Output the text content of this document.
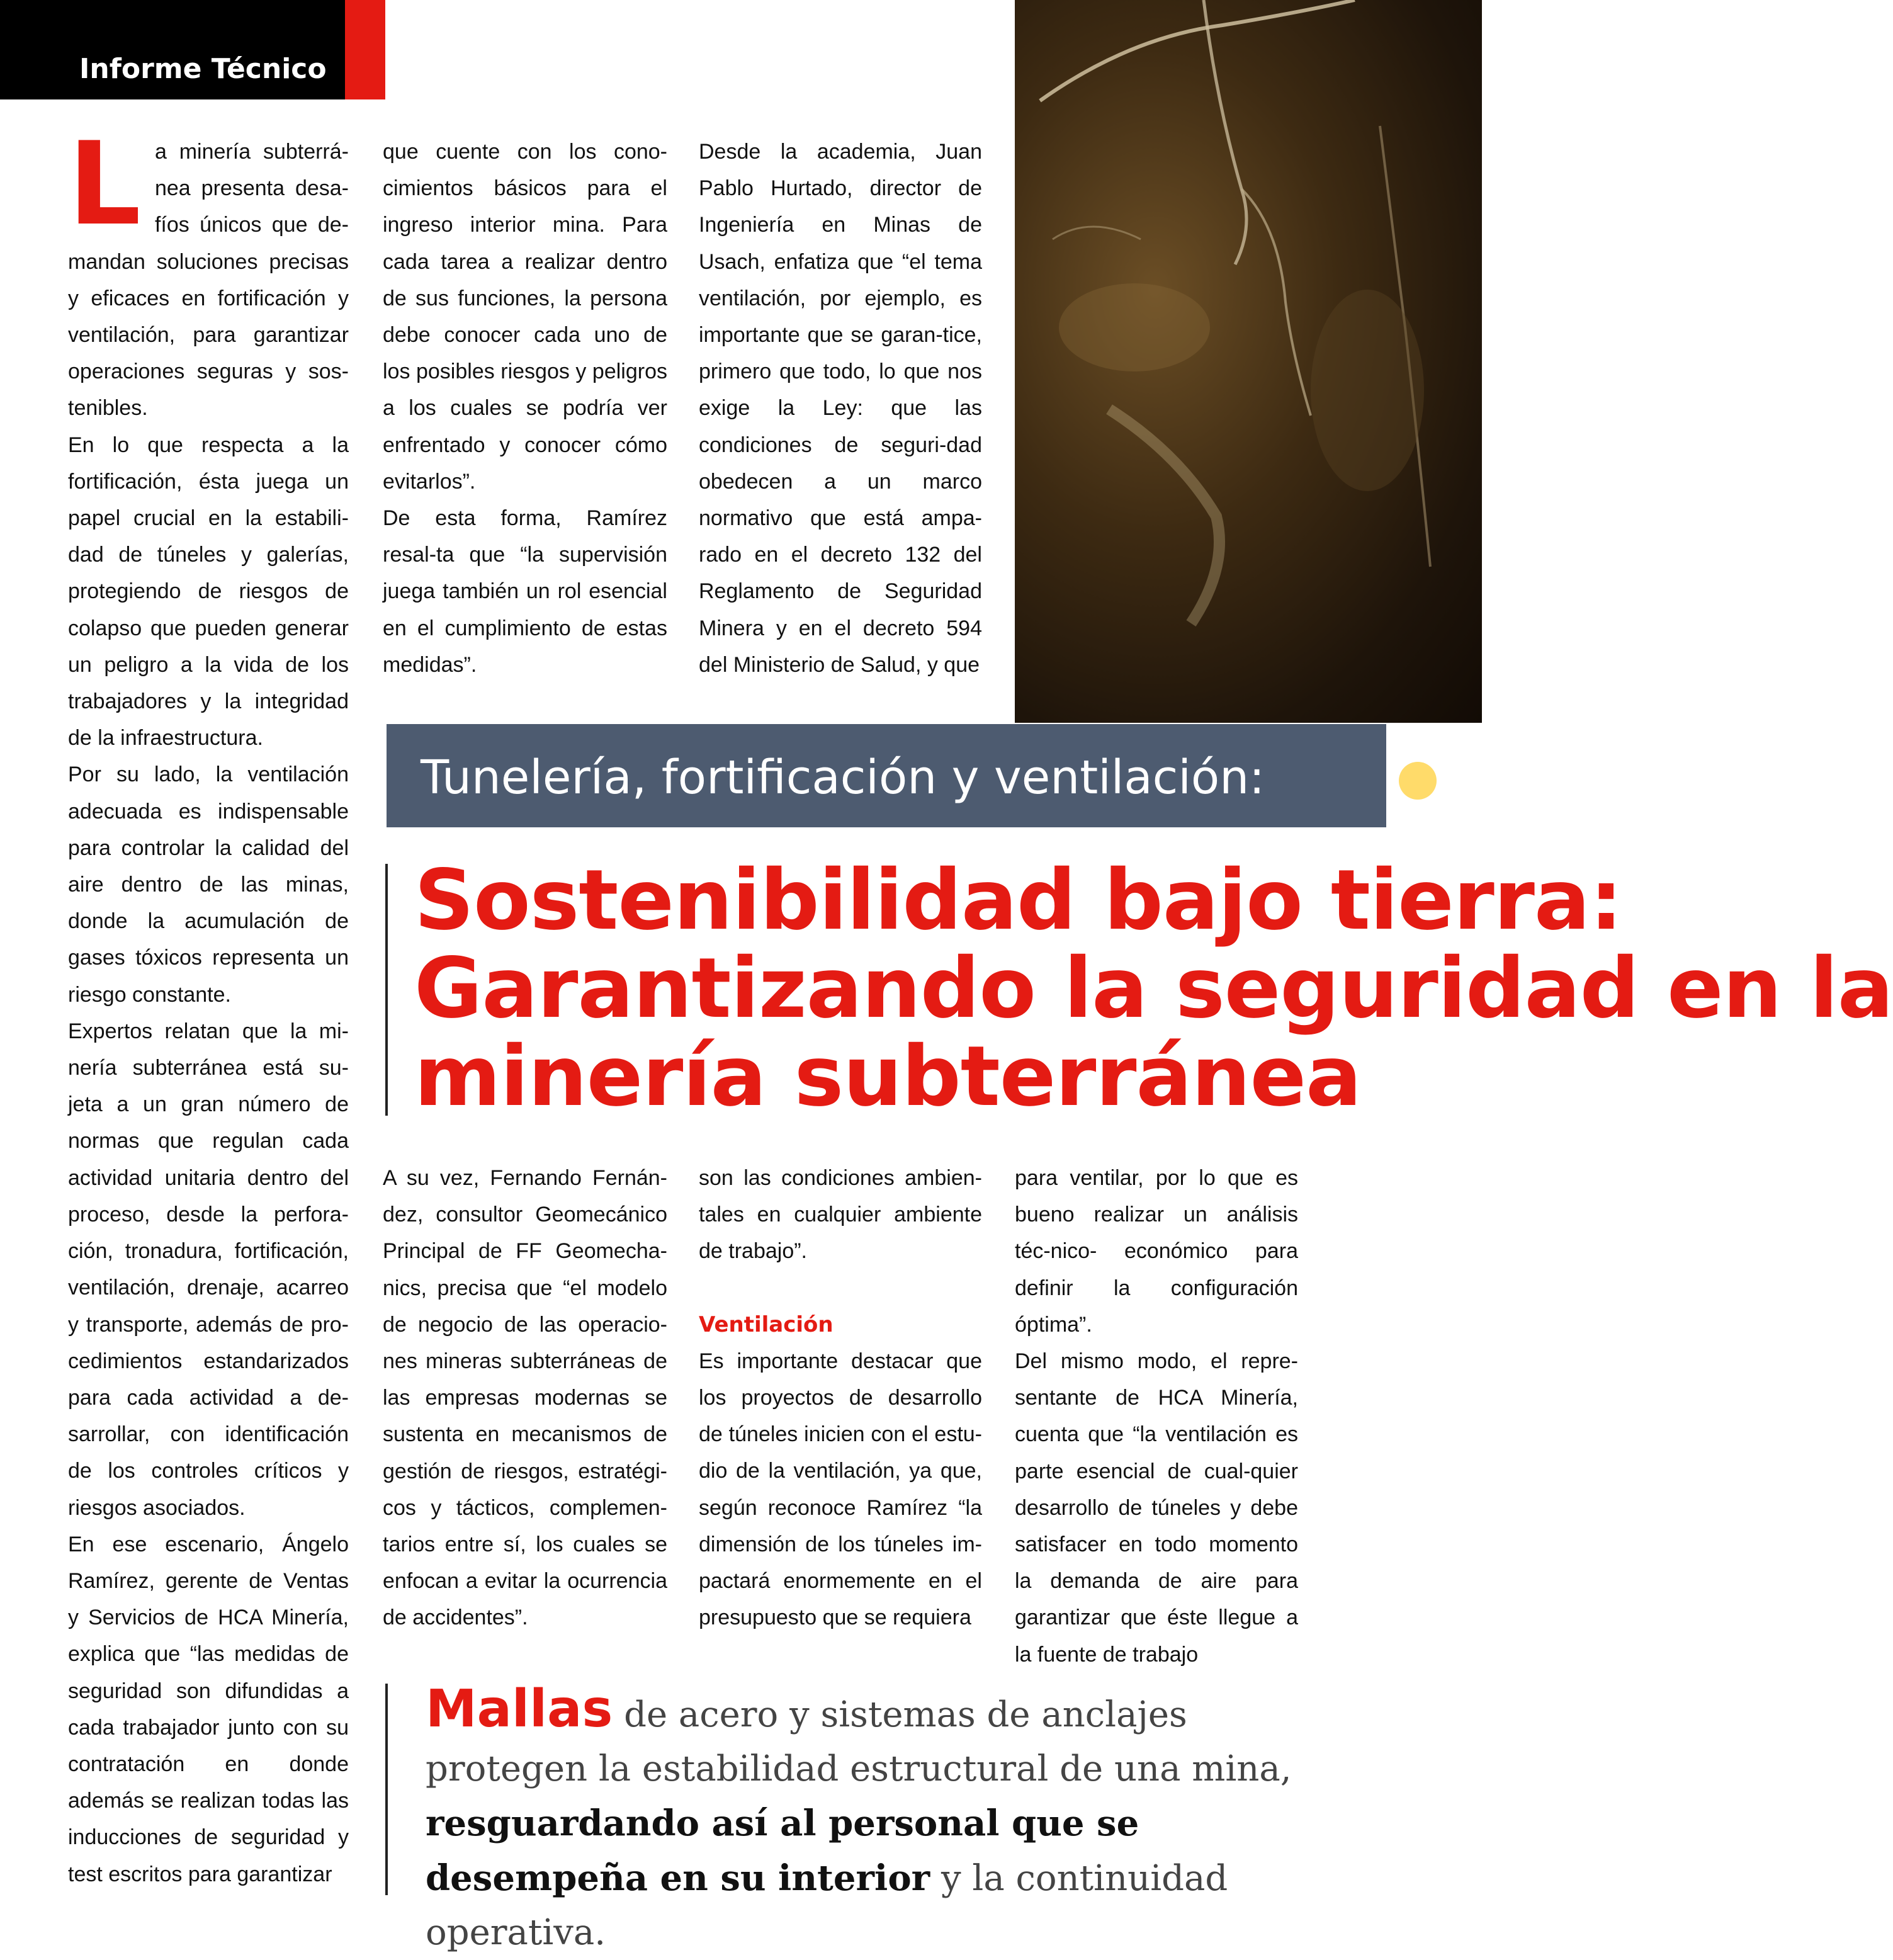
Informe Técnico

La minería subterrá-nea presenta desa-fíos únicos que de-mandan soluciones precisas y eficaces en fortificación y ventilación, para garantizar operaciones seguras y sos-tenibles.

En lo que respecta a la fortificación, ésta juega un papel crucial en la estabili-dad de túneles y galerías, protegiendo de riesgos de colapso que pueden generar un peligro a la vida de los trabajadores y la integridad de la infraestructura.

Por su lado, la ventilación adecuada es indispensable para controlar la calidad del aire dentro de las minas, donde la acumulación de gases tóxicos representa un riesgo constante.

Expertos relatan que la mi-nería subterránea está su-jeta a un gran número de normas que regulan cada actividad unitaria dentro del proceso, desde la perfora-ción, tronadura, fortificación, ventilación, drenaje, acarreo y transporte, además de pro-cedimientos estandarizados para cada actividad a de-sarrollar, con identificación de los controles críticos y riesgos asociados.

En ese escenario, Ángelo Ramírez, gerente de Ventas y Servicios de HCA Minería, explica que “las medidas de seguridad son difundidas a cada trabajador junto con su contratación en donde además se realizan todas las inducciones de seguridad y test escritos para garantizar

que cuente con los cono-cimientos básicos para el ingreso interior mina. Para cada tarea a realizar dentro de sus funciones, la persona debe conocer cada uno de los posibles riesgos y peligros a los cuales se podría ver enfrentado y conocer cómo evitarlos”.

De esta forma, Ramírez resal-ta que “la supervisión juega también un rol esencial en el cumplimiento de estas medidas”.

Desde la academia, Juan Pablo Hurtado, director de Ingeniería en Minas de Usach, enfatiza que “el tema ventilación, por ejemplo, es importante que se garan-tice, primero que todo, lo que nos exige la Ley: que las condiciones de seguri-dad obedecen a un marco normativo que está ampa-rado en el decreto 132 del Reglamento de Seguridad Minera y en el decreto 594 del Ministerio de Salud, y que

Tunelería, fortificación y ventilación:
Sostenibilidad bajo tierra:
Garantizando la seguridad en la
minería subterránea

A su vez, Fernando Fernán-dez, consultor Geomecánico Principal de FF Geomecha-nics, precisa que “el modelo de negocio de las operacio-nes mineras subterráneas de las empresas modernas se sustenta en mecanismos de gestión de riesgos, estratégi-cos y tácticos, complemen-tarios entre sí, los cuales se enfocan a evitar la ocurrencia de accidentes”.

son las condiciones ambien-tales en cualquier ambiente de trabajo”.

Ventilación

Es importante destacar que los proyectos de desarrollo de túneles inicien con el estu-dio de la ventilación, ya que, según reconoce Ramírez “la dimensión de los túneles im-pactará enormemente en el presupuesto que se requiera

para ventilar, por lo que es bueno realizar un análisis téc-nico- económico para definir la configuración óptima”.

Del mismo modo, el repre-sentante de HCA Minería, cuenta que “la ventilación es parte esencial de cual-quier desarrollo de túneles y debe satisfacer en todo momento la demanda de aire para garantizar que éste llegue a la fuente de trabajo

Mallas de acero y sistemas de anclajes protegen la estabilidad estructural de una mina, resguardando así al personal que se desempeña en su interior y la continuidad operativa.
